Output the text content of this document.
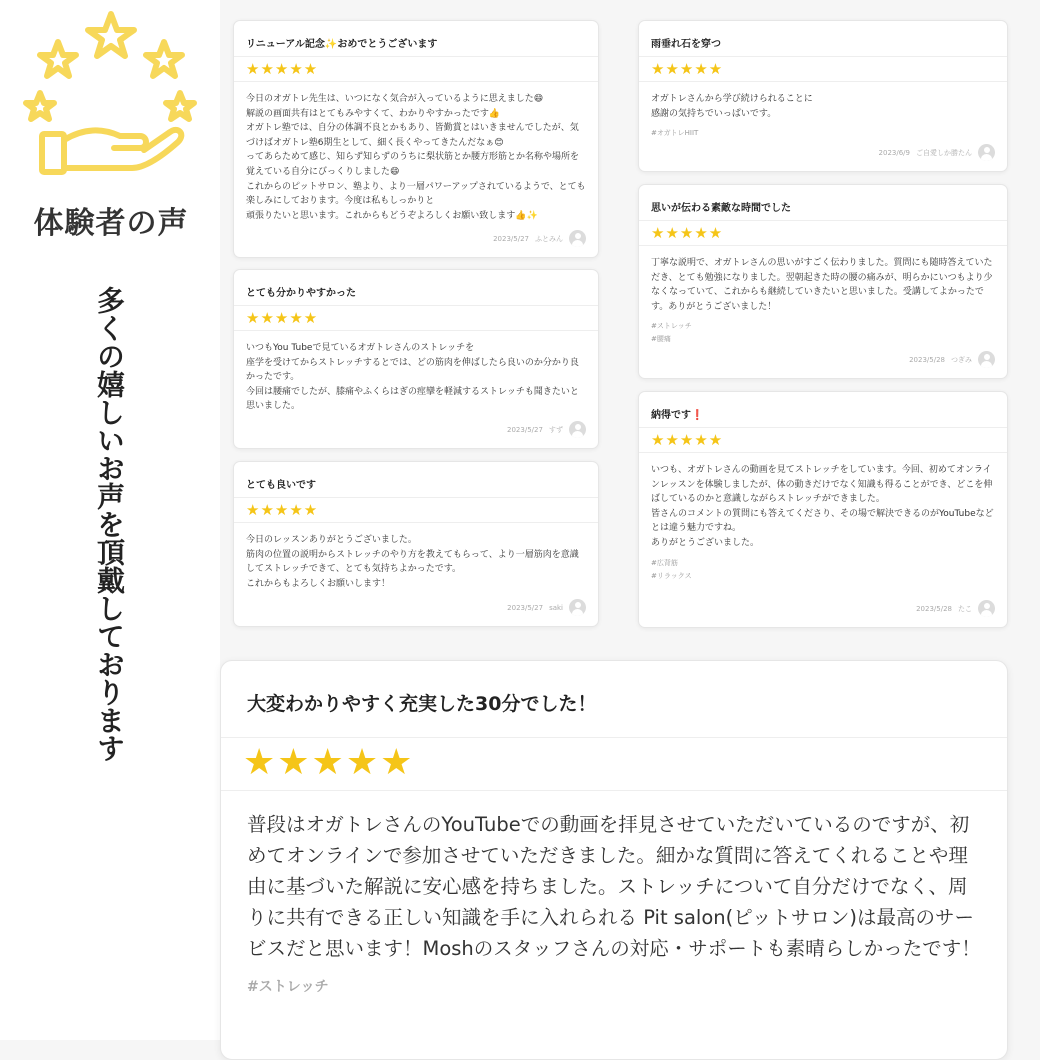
体験者の声
多くの嬉しいお声を頂戴しております
リニューアル記念✨おめでとうございます
★★★★★
今日のオガトレ先生は、いつになく気合が入っているように思えました😄
解説の画面共有はとてもみやすくて、わかりやすかったです👍
オガトレ塾では、自分の体調不良とかもあり、皆勤賞とはいきませんでしたが、気づけばオガトレ塾6期生として、細く長くやってきたんだなぁ😊
ってあらためて感じ、知らず知らずのうちに梨状筋とか腰方形筋とか名称や場所を覚えている自分にびっくりしました😄
これからのピットサロン、塾より、より一層パワーアップされているようで、とても楽しみにしております。今度は私もしっかりと
頑張りたいと思います。これからもどうぞよろしくお願い致します👍✨
2023/5/27 ふとみん
とても分かりやすかった
★★★★★
いつもYou Tubeで見ているオガトレさんのストレッチを
座学を受けてからストレッチするとでは、どの筋肉を伸ばしたら良いのか分かり良かったです。
今回は腰痛でしたが、膝痛やふくらはぎの痙攣を軽減するストレッチも聞きたいと思いました。
2023/5/27 すず
とても良いです
★★★★★
今日のレッスンありがとうございました。
筋肉の位置の説明からストレッチのやり方を教えてもらって、より一層筋肉を意識してストレッチできて、とても気持ちよかったです。
これからもよろしくお願いします！
2023/5/27 saki
雨垂れ石を穿つ
★★★★★
オガトレさんから学び続けられることに
感謝の気持ちでいっぱいです。
#オガトレHIIT
2023/6/9 ご自愛しか勝たん
思いが伝わる素敵な時間でした
★★★★★
丁寧な説明で、オガトレさんの思いがすごく伝わりました。質問にも随時答えていただき、とても勉強になりました。翌朝起きた時の腰の痛みが、明らかにいつもより少なくなっていて、これからも継続していきたいと思いました。受講してよかったです。ありがとうございました！
#ストレッチ
#腰痛
2023/5/28 つぎみ
納得です❗
★★★★★
いつも、オガトレさんの動画を見てストレッチをしています。今回、初めてオンラインレッスンを体験しましたが、体の動きだけでなく知識も得ることができ、どこを伸ばしているのかと意識しながらストレッチができました。
皆さんのコメントの質問にも答えてくださり、その場で解決できるのがYouTubeなどとは違う魅力ですね。
ありがとうございました。
#広背筋
#リラックス
2023/5/28 たこ
大変わかりやすく充実した30分でした！
★★★★★
普段はオガトレさんのYouTubeでの動画を拝見させていただいているのですが、初めてオンラインで参加させていただきました。細かな質問に答えてくれることや理由に基づいた解説に安心感を持ちました。ストレッチについて自分だけでなく、周りに共有できる正しい知識を手に入れられる Pit salon(ピットサロン)は最高のサービスだと思います！Moshのスタッフさんの対応・サポートも素晴らしかったです！
#ストレッチ
